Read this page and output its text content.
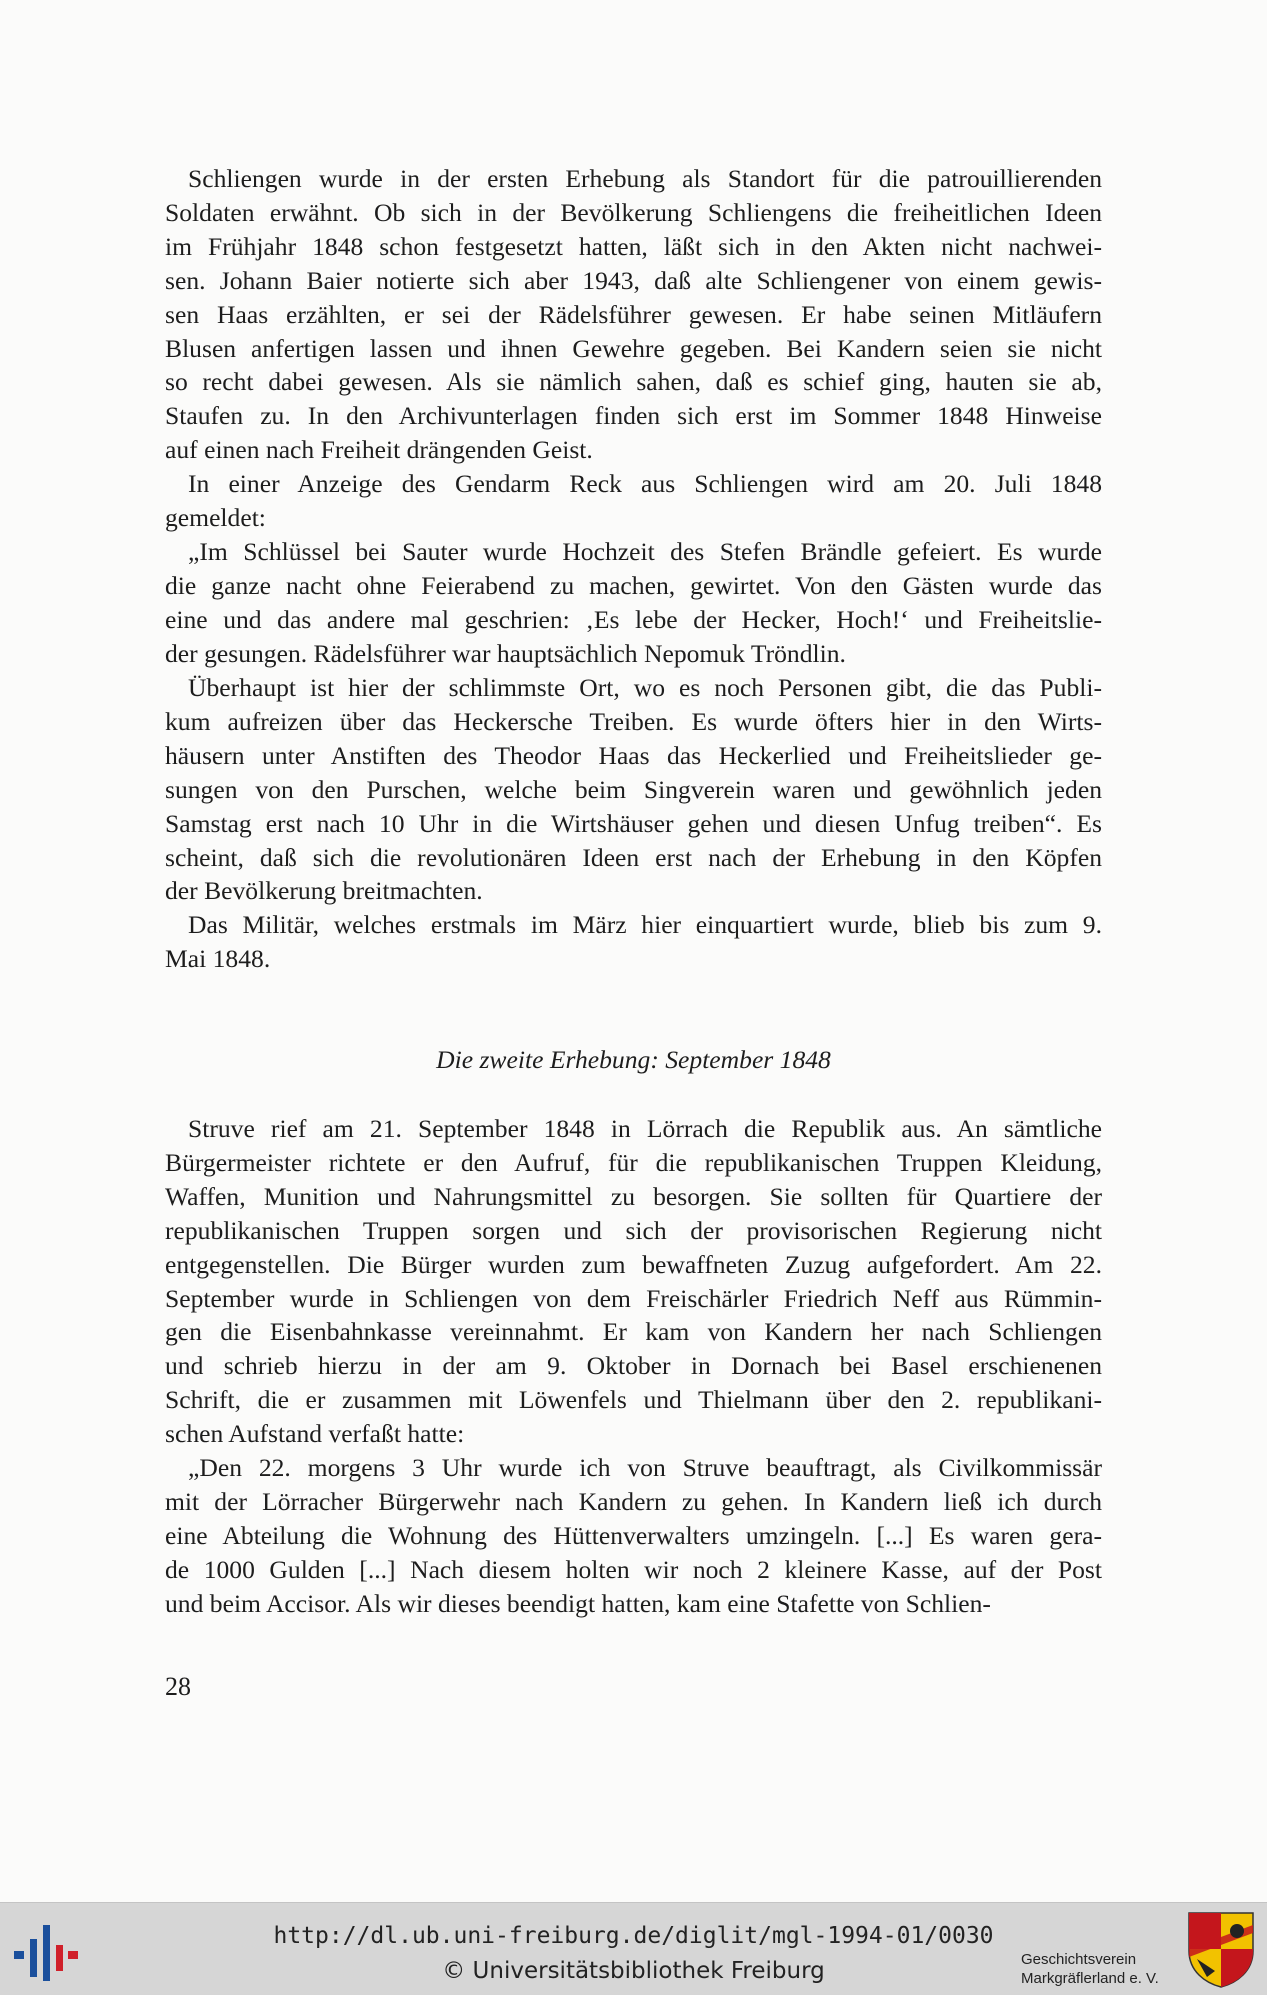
Schliengen wurde in der ersten Erhebung als Standort für die patrouillierenden
Soldaten erwähnt. Ob sich in der Bevölkerung Schliengens die freiheitlichen Ideen
im Frühjahr 1848 schon festgesetzt hatten, läßt sich in den Akten nicht nachwei-
sen. Johann Baier notierte sich aber 1943, daß alte Schliengener von einem gewis-
sen Haas erzählten, er sei der Rädelsführer gewesen. Er habe seinen Mitläufern
Blusen anfertigen lassen und ihnen Gewehre gegeben. Bei Kandern seien sie nicht
so recht dabei gewesen. Als sie nämlich sahen, daß es schief ging, hauten sie ab,
Staufen zu. In den Archivunterlagen finden sich erst im Sommer 1848 Hinweise
auf einen nach Freiheit drängenden Geist.

In einer Anzeige des Gendarm Reck aus Schliengen wird am 20. Juli 1848
gemeldet:

„Im Schlüssel bei Sauter wurde Hochzeit des Stefen Brändle gefeiert. Es wurde
die ganze nacht ohne Feierabend zu machen, gewirtet. Von den Gästen wurde das
eine und das andere mal geschrien: ‚Es lebe der Hecker, Hoch!‘ und Freiheitslie-
der gesungen. Rädelsführer war hauptsächlich Nepomuk Tröndlin.

Überhaupt ist hier der schlimmste Ort, wo es noch Personen gibt, die das Publi-
kum aufreizen über das Heckersche Treiben. Es wurde öfters hier in den Wirts-
häusern unter Anstiften des Theodor Haas das Heckerlied und Freiheitslieder ge-
sungen von den Purschen, welche beim Singverein waren und gewöhnlich jeden
Samstag erst nach 10 Uhr in die Wirtshäuser gehen und diesen Unfug treiben“. Es
scheint, daß sich die revolutionären Ideen erst nach der Erhebung in den Köpfen
der Bevölkerung breitmachten.

Das Militär, welches erstmals im März hier einquartiert wurde, blieb bis zum 9.
Mai 1848.

Die zweite Erhebung: September 1848

Struve rief am 21. September 1848 in Lörrach die Republik aus. An sämtliche
Bürgermeister richtete er den Aufruf, für die republikanischen Truppen Kleidung,
Waffen, Munition und Nahrungsmittel zu besorgen. Sie sollten für Quartiere der
republikanischen Truppen sorgen und sich der provisorischen Regierung nicht
entgegenstellen. Die Bürger wurden zum bewaffneten Zuzug aufgefordert. Am 22.
September wurde in Schliengen von dem Freischärler Friedrich Neff aus Rümmin-
gen die Eisenbahnkasse vereinnahmt. Er kam von Kandern her nach Schliengen
und schrieb hierzu in der am 9. Oktober in Dornach bei Basel erschienenen
Schrift, die er zusammen mit Löwenfels und Thielmann über den 2. republikani-
schen Aufstand verfaßt hatte:

„Den 22. morgens 3 Uhr wurde ich von Struve beauftragt, als Civilkommissär
mit der Lörracher Bürgerwehr nach Kandern zu gehen. In Kandern ließ ich durch
eine Abteilung die Wohnung des Hüttenverwalters umzingeln. [...] Es waren gera-
de 1000 Gulden [...] Nach diesem holten wir noch 2 kleinere Kasse, auf der Post
und beim Accisor. Als wir dieses beendigt hatten, kam eine Stafette von Schlien-

28
http://dl.ub.uni-freiburg.de/diglit/mgl-1994-01/0030
© Universitätsbibliothek Freiburg	Geschichtsverein
Markgräflerland e. V.
